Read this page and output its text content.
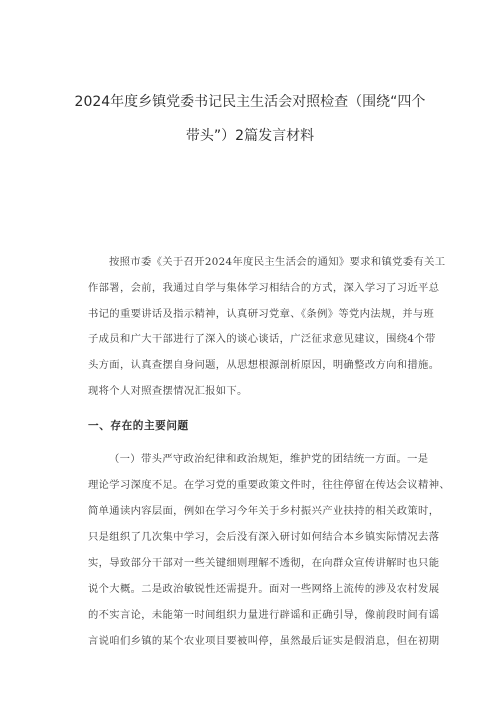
2024年度乡镇党委书记民主生活会对照检查（围绕“四个
带头”）2篇发言材料
按照市委《关于召开2024年度民主生活会的通知》要求和镇党委有关工
作部署，会前，我通过自学与集体学习相结合的方式，深入学习了习近平总
书记的重要讲话及指示精神，认真研习党章、《条例》等党内法规，并与班
子成员和广大干部进行了深入的谈心谈话，广泛征求意见建议，围绕4个带
头方面，认真查摆自身问题，从思想根源剖析原因，明确整改方向和措施。
现将个人对照查摆情况汇报如下。
一、存在的主要问题
（一）带头严守政治纪律和政治规矩，维护党的团结统一方面。一是
理论学习深度不足。在学习党的重要政策文件时，往往停留在传达会议精神、
简单通读内容层面，例如在学习今年关于乡村振兴产业扶持的相关政策时，
只是组织了几次集中学习，会后没有深入研讨如何结合本乡镇实际情况去落
实，导致部分干部对一些关键细则理解不透彻，在向群众宣传讲解时也只能
说个大概。二是政治敏锐性还需提升。面对一些网络上流传的涉及农村发展
的不实言论，未能第一时间组织力量进行辟谣和正确引导，像前段时间有谣
言说咱们乡镇的某个农业项目要被叫停，虽然最后证实是假消息，但在初期
